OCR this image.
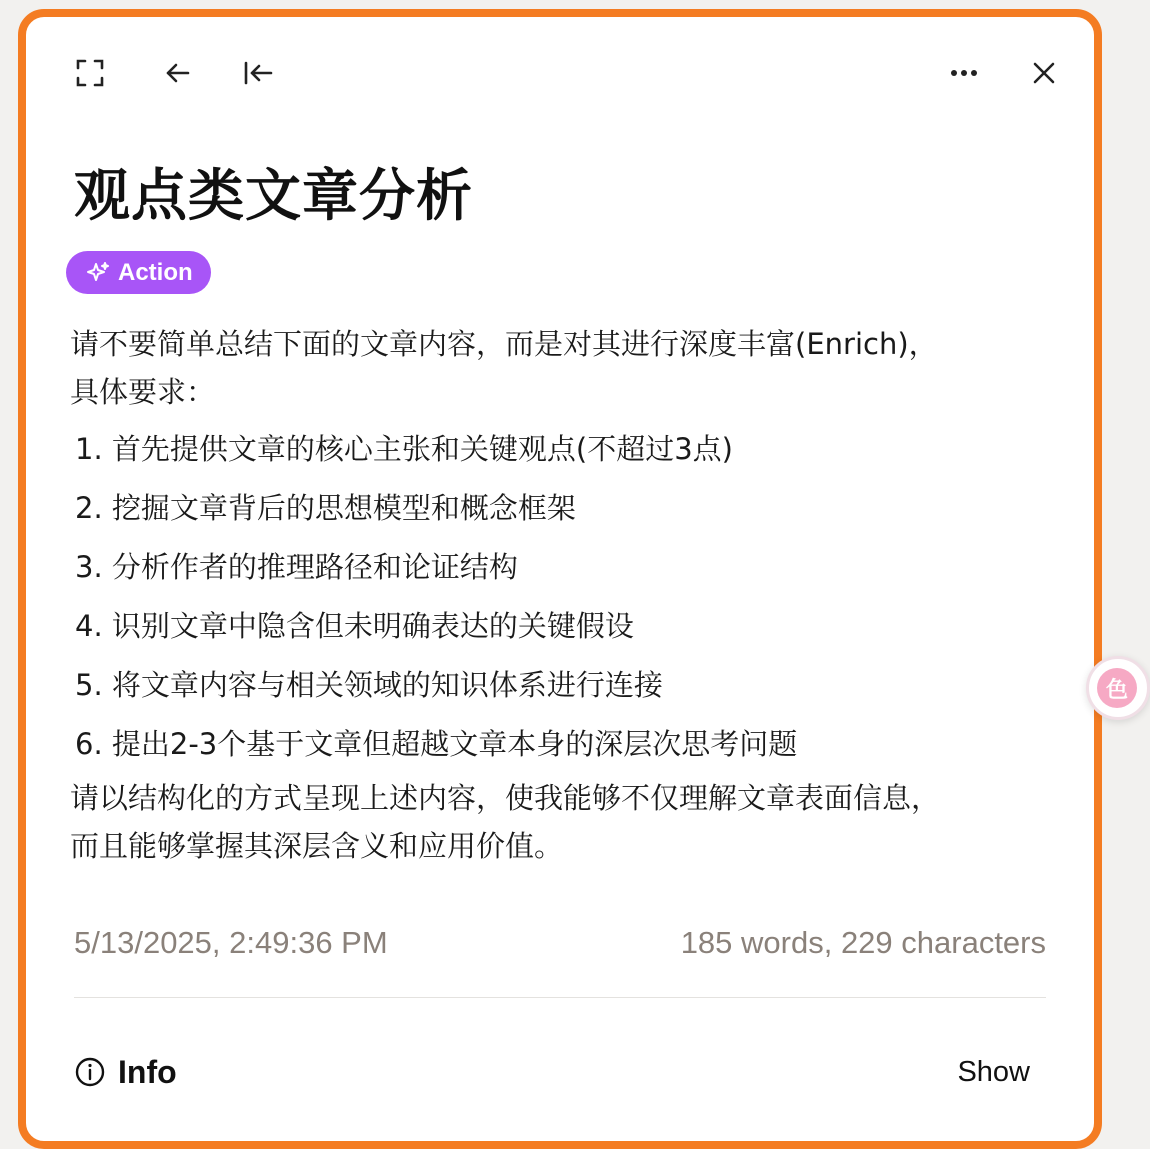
观点类文章分析
Action
请不要简单总结下面的文章内容，而是对其进行深度丰富(Enrich)，
具体要求：
1. 首先提供文章的核心主张和关键观点(不超过3点)
2. 挖掘文章背后的思想模型和概念框架
3. 分析作者的推理路径和论证结构
4. 识别文章中隐含但未明确表达的关键假设
5. 将文章内容与相关领域的知识体系进行连接
6. 提出2-3个基于文章但超越文章本身的深层次思考问题
请以结构化的方式呈现上述内容，使我能够不仅理解文章表面信息，
而且能够掌握其深层含义和应用价值。
5/13/2025, 2:49:36 PM	185 words, 229 characters
Info	Show
色
